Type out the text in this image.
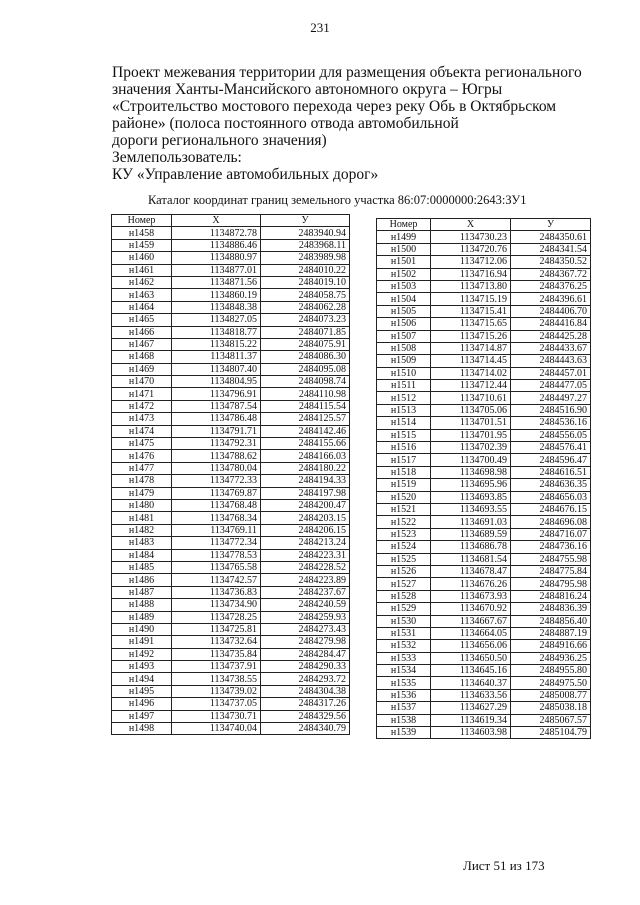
231
Проект межевания территории для размещения объекта регионального
значения Ханты-Мансийского автономного округа – Югры
«Строительство мостового перехода через реку Обь в Октябрьском
районе» (полоса постоянного отвода автомобильной
дороги регионального значения)
Землепользователь:
КУ «Управление автомобильных дорог»
Каталог координат границ земельного участка 86:07:0000000:2643:ЗУ1
Номер	X	У
н1458	1134872.78	2483940.94
н1459	1134886.46	2483968.11
н1460	1134880.97	2483989.98
н1461	1134877.01	2484010.22
н1462	1134871.56	2484019.10
н1463	1134860.19	2484058.75
н1464	1134848.38	2484062.28
н1465	1134827.05	2484073.23
н1466	1134818.77	2484071.85
н1467	1134815.22	2484075.91
н1468	1134811.37	2484086.30
н1469	1134807.40	2484095.08
н1470	1134804.95	2484098.74
н1471	1134796.91	2484110.98
н1472	1134787.54	2484115.54
н1473	1134786.48	2484125.57
н1474	1134791.71	2484142.46
н1475	1134792.31	2484155.66
н1476	1134788.62	2484166.03
н1477	1134780.04	2484180.22
н1478	1134772.33	2484194.33
н1479	1134769.87	2484197.98
н1480	1134768.48	2484200.47
н1481	1134768.34	2484203.15
н1482	1134769.11	2484206.15
н1483	1134772.34	2484213.24
н1484	1134778.53	2484223.31
н1485	1134765.58	2484228.52
н1486	1134742.57	2484223.89
н1487	1134736.83	2484237.67
н1488	1134734.90	2484240.59
н1489	1134728.25	2484259.93
н1490	1134725.81	2484273.43
н1491	1134732.64	2484279.98
н1492	1134735.84	2484284.47
н1493	1134737.91	2484290.33
н1494	1134738.55	2484293.72
н1495	1134739.02	2484304.38
н1496	1134737.05	2484317.26
н1497	1134730.71	2484329.56
н1498	1134740.04	2484340.79
Номер	X	У
н1499	1134730.23	2484350.61
н1500	1134720.76	2484341.54
н1501	1134712.06	2484350.52
н1502	1134716.94	2484367.72
н1503	1134713.80	2484376.25
н1504	1134715.19	2484396.61
н1505	1134715.41	2484406.70
н1506	1134715.65	2484416.84
н1507	1134715.26	2484425.28
н1508	1134714.87	2484433.67
н1509	1134714.45	2484443.63
н1510	1134714.02	2484457.01
н1511	1134712.44	2484477.05
н1512	1134710.61	2484497.27
н1513	1134705.06	2484516.90
н1514	1134701.51	2484536.16
н1515	1134701.95	2484556.05
н1516	1134702.39	2484576.41
н1517	1134700.49	2484596.47
н1518	1134698.98	2484616.51
н1519	1134695.96	2484636.35
н1520	1134693.85	2484656.03
н1521	1134693.55	2484676.15
н1522	1134691.03	2484696.08
н1523	1134689.59	2484716.07
н1524	1134686.78	2484736.16
н1525	1134681.54	2484755.98
н1526	1134678.47	2484775.84
н1527	1134676.26	2484795.98
н1528	1134673.93	2484816.24
н1529	1134670.92	2484836.39
н1530	1134667.67	2484856.40
н1531	1134664.05	2484887.19
н1532	1134656.06	2484916.66
н1533	1134650.50	2484936.25
н1534	1134645.16	2484955.80
н1535	1134640.37	2484975.50
н1536	1134633.56	2485008.77
н1537	1134627.29	2485038.18
н1538	1134619.34	2485067.57
н1539	1134603.98	2485104.79
Лист 51 из 173
